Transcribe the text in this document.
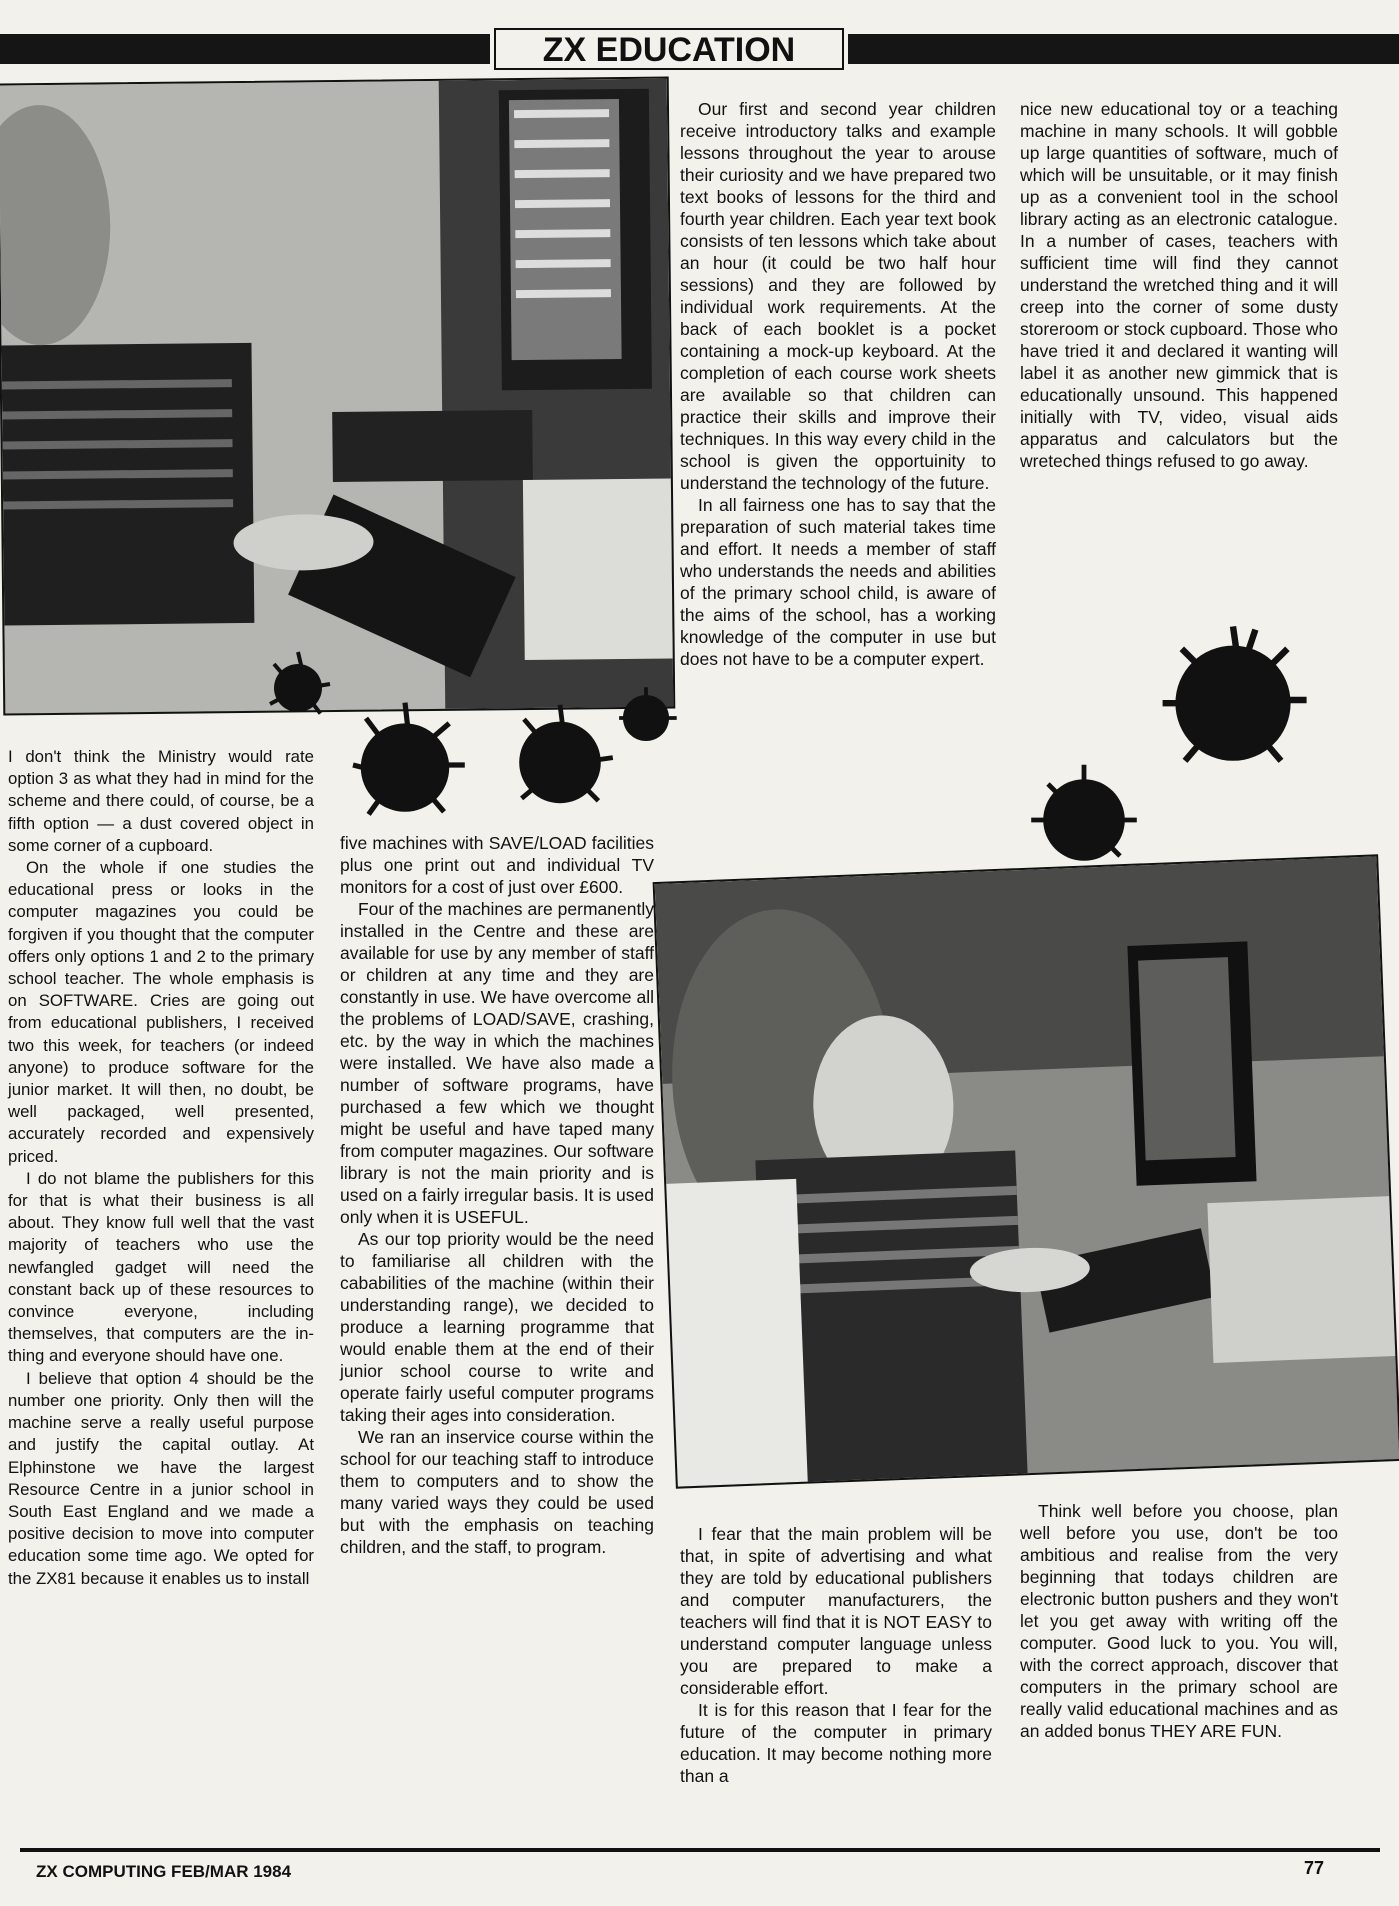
ZX EDUCATION

I don't think the Ministry would rate option 3 as what they had in mind for the scheme and there could, of course, be a fifth option — a dust covered object in some corner of a cupboard.

On the whole if one studies the educational press or looks in the computer magazines you could be forgiven if you thought that the computer offers only options 1 and 2 to the primary school teacher. The whole emphasis is on SOFTWARE. Cries are going out from educational publishers, I received two this week, for teachers (or indeed anyone) to produce software for the junior market. It will then, no doubt, be well packaged, well presented, accurately recorded and expensively priced.

I do not blame the publishers for this for that is what their business is all about. They know full well that the vast majority of teachers who use the newfangled gadget will need the constant back up of these resources to convince everyone, including themselves, that computers are the in-thing and everyone should have one.

I believe that option 4 should be the number one priority. Only then will the machine serve a really useful purpose and justify the capital outlay. At Elphinstone we have the largest Resource Centre in a junior school in South East England and we made a positive decision to move into computer education some time ago. We opted for the ZX81 because it enables us to install

five machines with SAVE/LOAD facilities plus one print out and individual TV monitors for a cost of just over £600.

Four of the machines are permanently installed in the Centre and these are available for use by any member of staff or children at any time and they are constantly in use. We have overcome all the problems of LOAD/SAVE, crashing, etc. by the way in which the machines were installed. We have also made a number of software programs, have purchased a few which we thought might be useful and have taped many from computer magazines. Our software library is not the main priority and is used on a fairly irregular basis. It is used only when it is USEFUL.

As our top priority would be the need to familiarise all children with the cababilities of the machine (within their understanding range), we decided to produce a learning programme that would enable them at the end of their junior school course to write and operate fairly useful computer programs taking their ages into consideration.

We ran an inservice course within the school for our teaching staff to introduce them to computers and to show the many varied ways they could be used but with the emphasis on teaching children, and the staff, to program.

Our first and second year children receive introductory talks and example lessons throughout the year to arouse their curiosity and we have prepared two text books of lessons for the third and fourth year children. Each year text book consists of ten lessons which take about an hour (it could be two half hour sessions) and they are followed by individual work requirements. At the back of each booklet is a pocket containing a mock-up keyboard. At the completion of each course work sheets are available so that children can practice their skills and improve their techniques. In this way every child in the school is given the opportuinity to understand the technology of the future.

In all fairness one has to say that the preparation of such material takes time and effort. It needs a member of staff who understands the needs and abilities of the primary school child, is aware of the aims of the school, has a working knowledge of the computer in use but does not have to be a computer expert.

nice new educational toy or a teaching machine in many schools. It will gobble up large quantities of software, much of which will be unsuitable, or it may finish up as a convenient tool in the school library acting as an electronic catalogue. In a number of cases, teachers with sufficient time will find they cannot understand the wretched thing and it will creep into the corner of some dusty storeroom or stock cupboard. Those who have tried it and declared it wanting will label it as another new gimmick that is educationally unsound. This happened initially with TV, video, visual aids apparatus and calculators but the wreteched things refused to go away.

I fear that the main problem will be that, in spite of advertising and what they are told by educational publishers and computer manufacturers, the teachers will find that it is NOT EASY to understand computer language unless you are prepared to make a considerable effort.

It is for this reason that I fear for the future of the computer in primary education. It may become nothing more than a

Think well before you choose, plan well before you use, don't be too ambitious and realise from the very beginning that todays children are electronic button pushers and they won't let you get away with writing off the computer. Good luck to you. You will, with the correct approach, discover that computers in the primary school are really valid educational machines and as an added bonus THEY ARE FUN.

ZX COMPUTING FEB/MAR 1984	77
